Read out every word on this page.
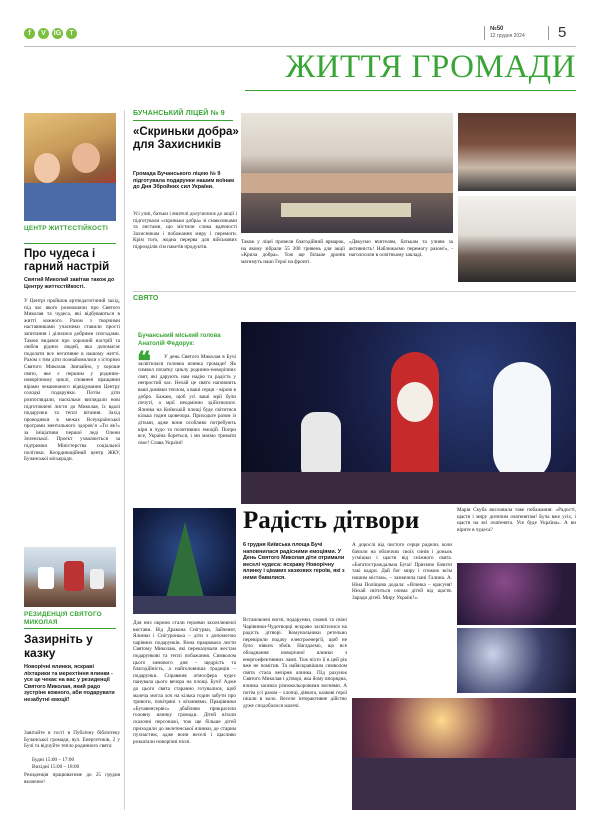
f	V	IG	T
№50
12 грудня 2024 5
ЖИТТЯ ГРОМАДИ
ЦЕНТР ЖИТТЄСТІЙКОСТІ
Про чудеса і гарний настрій
Святий Миколай завітав також до Центру життєстійкості.
У Центрі пройшов артпедагогічний захід, під час якого розмовляли про Святого Миколая та чудеса, які відбуваються в житті кожного. Разом з творчими наставниками учасники ставили прості запитання і ділилися добрими спогадами. Такою видався про хороший настрій та любов рідних людей, яка допомагає подолати все негативне в нашому житті. Разом з тим діти познайомилися з історією Святого Миколая. Звичайно, у хороше свято, яке є першим у родинно-новорічному циклі, сповнені пращании вірами чекаюваного відвідування Центру солодкі подарунки. Потім діти розпоглядали, наскільки виглядали нові підготовлені листи до Миколая, їх вдалі подарунки та теплі вітання. Захід проводився в межах Всеукраїнської програми ментального здоров’я «Ти як?» за ініціативи першої леді Олени Зеленської. Проєкт ухвалюється за підтримки Міністерства соціальної політики. Координаційний центр ЖКУ, Бучанської міськради.
РЕЗИДЕНЦІЯ СВЯТОГО МИКОЛАЯ
Зазирніть у казку
Новорічні ялинки, яскраві ліхтарики та мерехтіння ялинки - усе це чекає на вас у резиденції Святого Миколая, який радо зустріне кожного, аби подарувати незабутні емоції!
Завітайте в гості в Публічну бібліотеку Бучанської громади, вул. Енергетиків, 2 у Бучі та відчуйте тепло родинного свята:
Будні 15:00 – 17:00
Вихідні 15:00 – 18:00
Резиденція працюватиме до 25 грудня включно!
БУЧАНСЬКИЙ ЛІЦЕЙ № 9
«Скриньки добра» для Захисників
Громада Бучанського ліцею № 9 підготувала подарунки нашим воїнам до Дня Збройних сил України.
Усі учні, батьки і вчителі долучилися до акції і підготували «скриньки добра» зі смаколиками та листами, що містили слова вдячності Захисникам і побажання миру і перемоги. Крім того, жодна перерва для військових підрозділів сім пакетів продуктів.
Також у ліцеї провели благодійний ярмарок, на якому зібрали 55 200 гривень для акції «Крила добра». Тож ще більше дронів матимуть наші Герої на фронті.
«Дякуємо вчителям, батькам та учням за активність! Наближаємо перемогу разом!», - наголосили в освітньому закладі.
СВЯТО
Бучанський міський голова Анатолій Федорук:
❝	У день Святого Миколая в Бучі засвітилася головна ялинка громади! Як символ початку циклу родинно-новорічних свят, які дарують нам надію та радість у непростий час. Нехай це свято наповнить ваші домівки теплом, а ваші серця – вірою в добро. Бажаю, щоб усі ваші мрії були почуті, а мрії неодмінно здійснилися. Ялинка на Київській площі буде світитися кілька годин щовечора. Приходьте разом із дітьми, адже вони особливо потребують віри в чудо та позитивних емоцій. Попри все, Україна бореться, і ми маємо тримати своє! Слава Україні!
Радість дітвори
6 грудня Київська площа Бучі наповнилася радісними емоціями. У День Святого Миколая діти отримали веселі чудеса: яскраву Новорічну ялинку і цікавих казкових героїв, які з ними бавилися.
Для них окремо стали героями захоплюючої вистави. Від Дракона Снігурки, Зайченят, Ялинки і Снігуронька – діти з допомогою чарівних подарунків. Вона працювала листи Святому Миколаю, які переказували жестам подарункові та теплі побажання. Символом цього зимового дня – щедрість та благодійність, а найголовніша традиція – подарунки. Справжня атмосфера чудес панувала цього вечора на площі. Бучі! Адже до цього свята старанно готувалися, щоб малеча могла хоч на кілька годин забути про тривоги, повітряні з вітаннями. Працівники «Бучавенсервіс» дбайливо прикрасили головну ялинку громади. Дітей вітали сказочні персонажі, тож ще більше дітей приходили до велетенської ялинки, де старим пухнастим, адже вони веселі і щасливо розкатали новорічні пісні.
Встановлені вогні, подарунки, смачні та свіжі Чарівники-Чудотворці яскраво засвітилися на радість дітворі. Комунальники ретельно перевірили подачу електроенергії, щоб не було ніяких збоїв. Нагадаємо, що все обладнання новорічної ялинки з енергоефективних ламп. Тож ніхто її в цей рік вже не помітив. Та найяскравішим символом свята стала вечірня ялинка. Під рахунок Святого Миколая і дітворі, яка йому впорядна, ялинка засяяла різнокольоровими вогнями. А потім усі разом – хлопці, дівчата, казкові герої пішли в коло. Веселе інтерактивне дійство дуже сподобалося малечі.
А дорослі від чистого серця радили, коли бачили на обличчях своїх синів і доньок усмішки і щастя від сніжного свята. «Багатостраждальна Буча! Приємно бачити такі кадри. Дай бог миру і спокою всім нашим містам», – зазначила пані Галина. А. Ніна Поліщова додала: «Ялинка – красуня! Нехай світиться очима дітей від щастя. Заради дітей. Миру Україні!».
Марія Скуба висловила таке побажання: «Радості, щастя і миру дитячим очатенятам! Буча вже усіх, і щастя на всі очатенята. Усе буде Україна». А ви вірите в чудеса?
